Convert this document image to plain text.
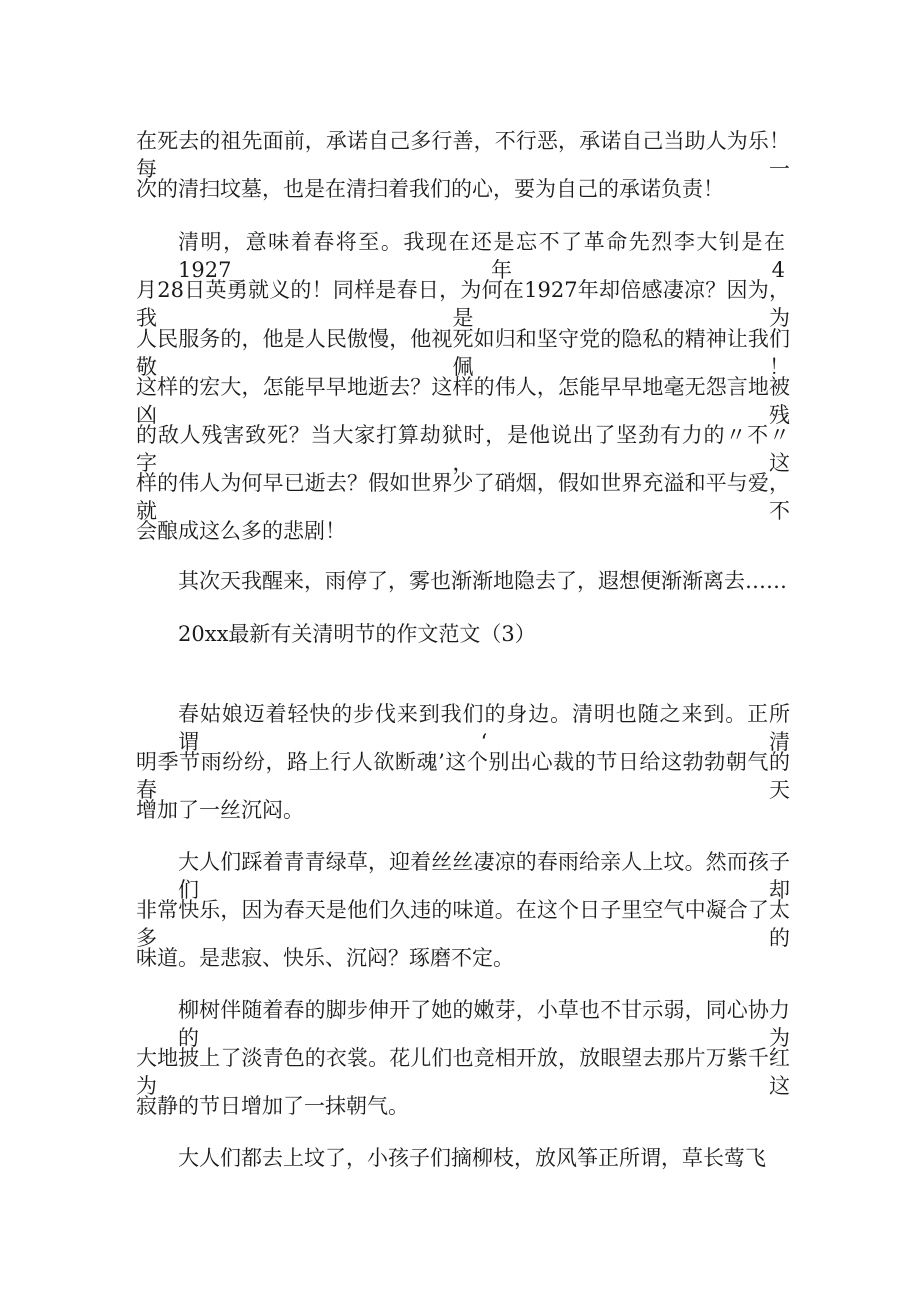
在死去的祖先面前，承诺自己多行善，不行恶，承诺自己当助人为乐！每一

次的清扫坟墓，也是在清扫着我们的心，要为自己的承诺负责！

清明，意味着春将至。我现在还是忘不了革命先烈李大钊是在1927年4

月28日英勇就义的！同样是春日，为何在1927年却倍感凄凉？因为，我是为

人民服务的，他是人民傲慢，他视死如归和坚守党的隐私的精神让我们敬佩！

这样的宏大，怎能早早地逝去？这样的伟人，怎能早早地毫无怨言地被凶残

的敌人残害致死？当大家打算劫狱时，是他说出了坚劲有力的〃不〃字，这

样的伟人为何早已逝去？假如世界少了硝烟，假如世界充溢和平与爱，就不

会酿成这么多的悲剧！

其次天我醒来，雨停了，雾也渐渐地隐去了，遐想便渐渐离去……

20xx最新有关清明节的作文范文（3）

春姑娘迈着轻快的步伐来到我们的身边。清明也随之来到。正所谓‘清

明季节雨纷纷，路上行人欲断魂’这个别出心裁的节日给这勃勃朝气的春天

增加了一丝沉闷。

大人们踩着青青绿草，迎着丝丝凄凉的春雨给亲人上坟。然而孩子们却

非常快乐，因为春天是他们久违的味道。在这个日子里空气中凝合了太多的

味道。是悲寂、快乐、沉闷？琢磨不定。

柳树伴随着春的脚步伸开了她的嫩芽，小草也不甘示弱，同心协力的为

大地披上了淡青色的衣裳。花儿们也竞相开放，放眼望去那片万紫千红为这

寂静的节日增加了一抹朝气。

大人们都去上坟了，小孩子们摘柳枝，放风筝正所谓，草长莺飞
